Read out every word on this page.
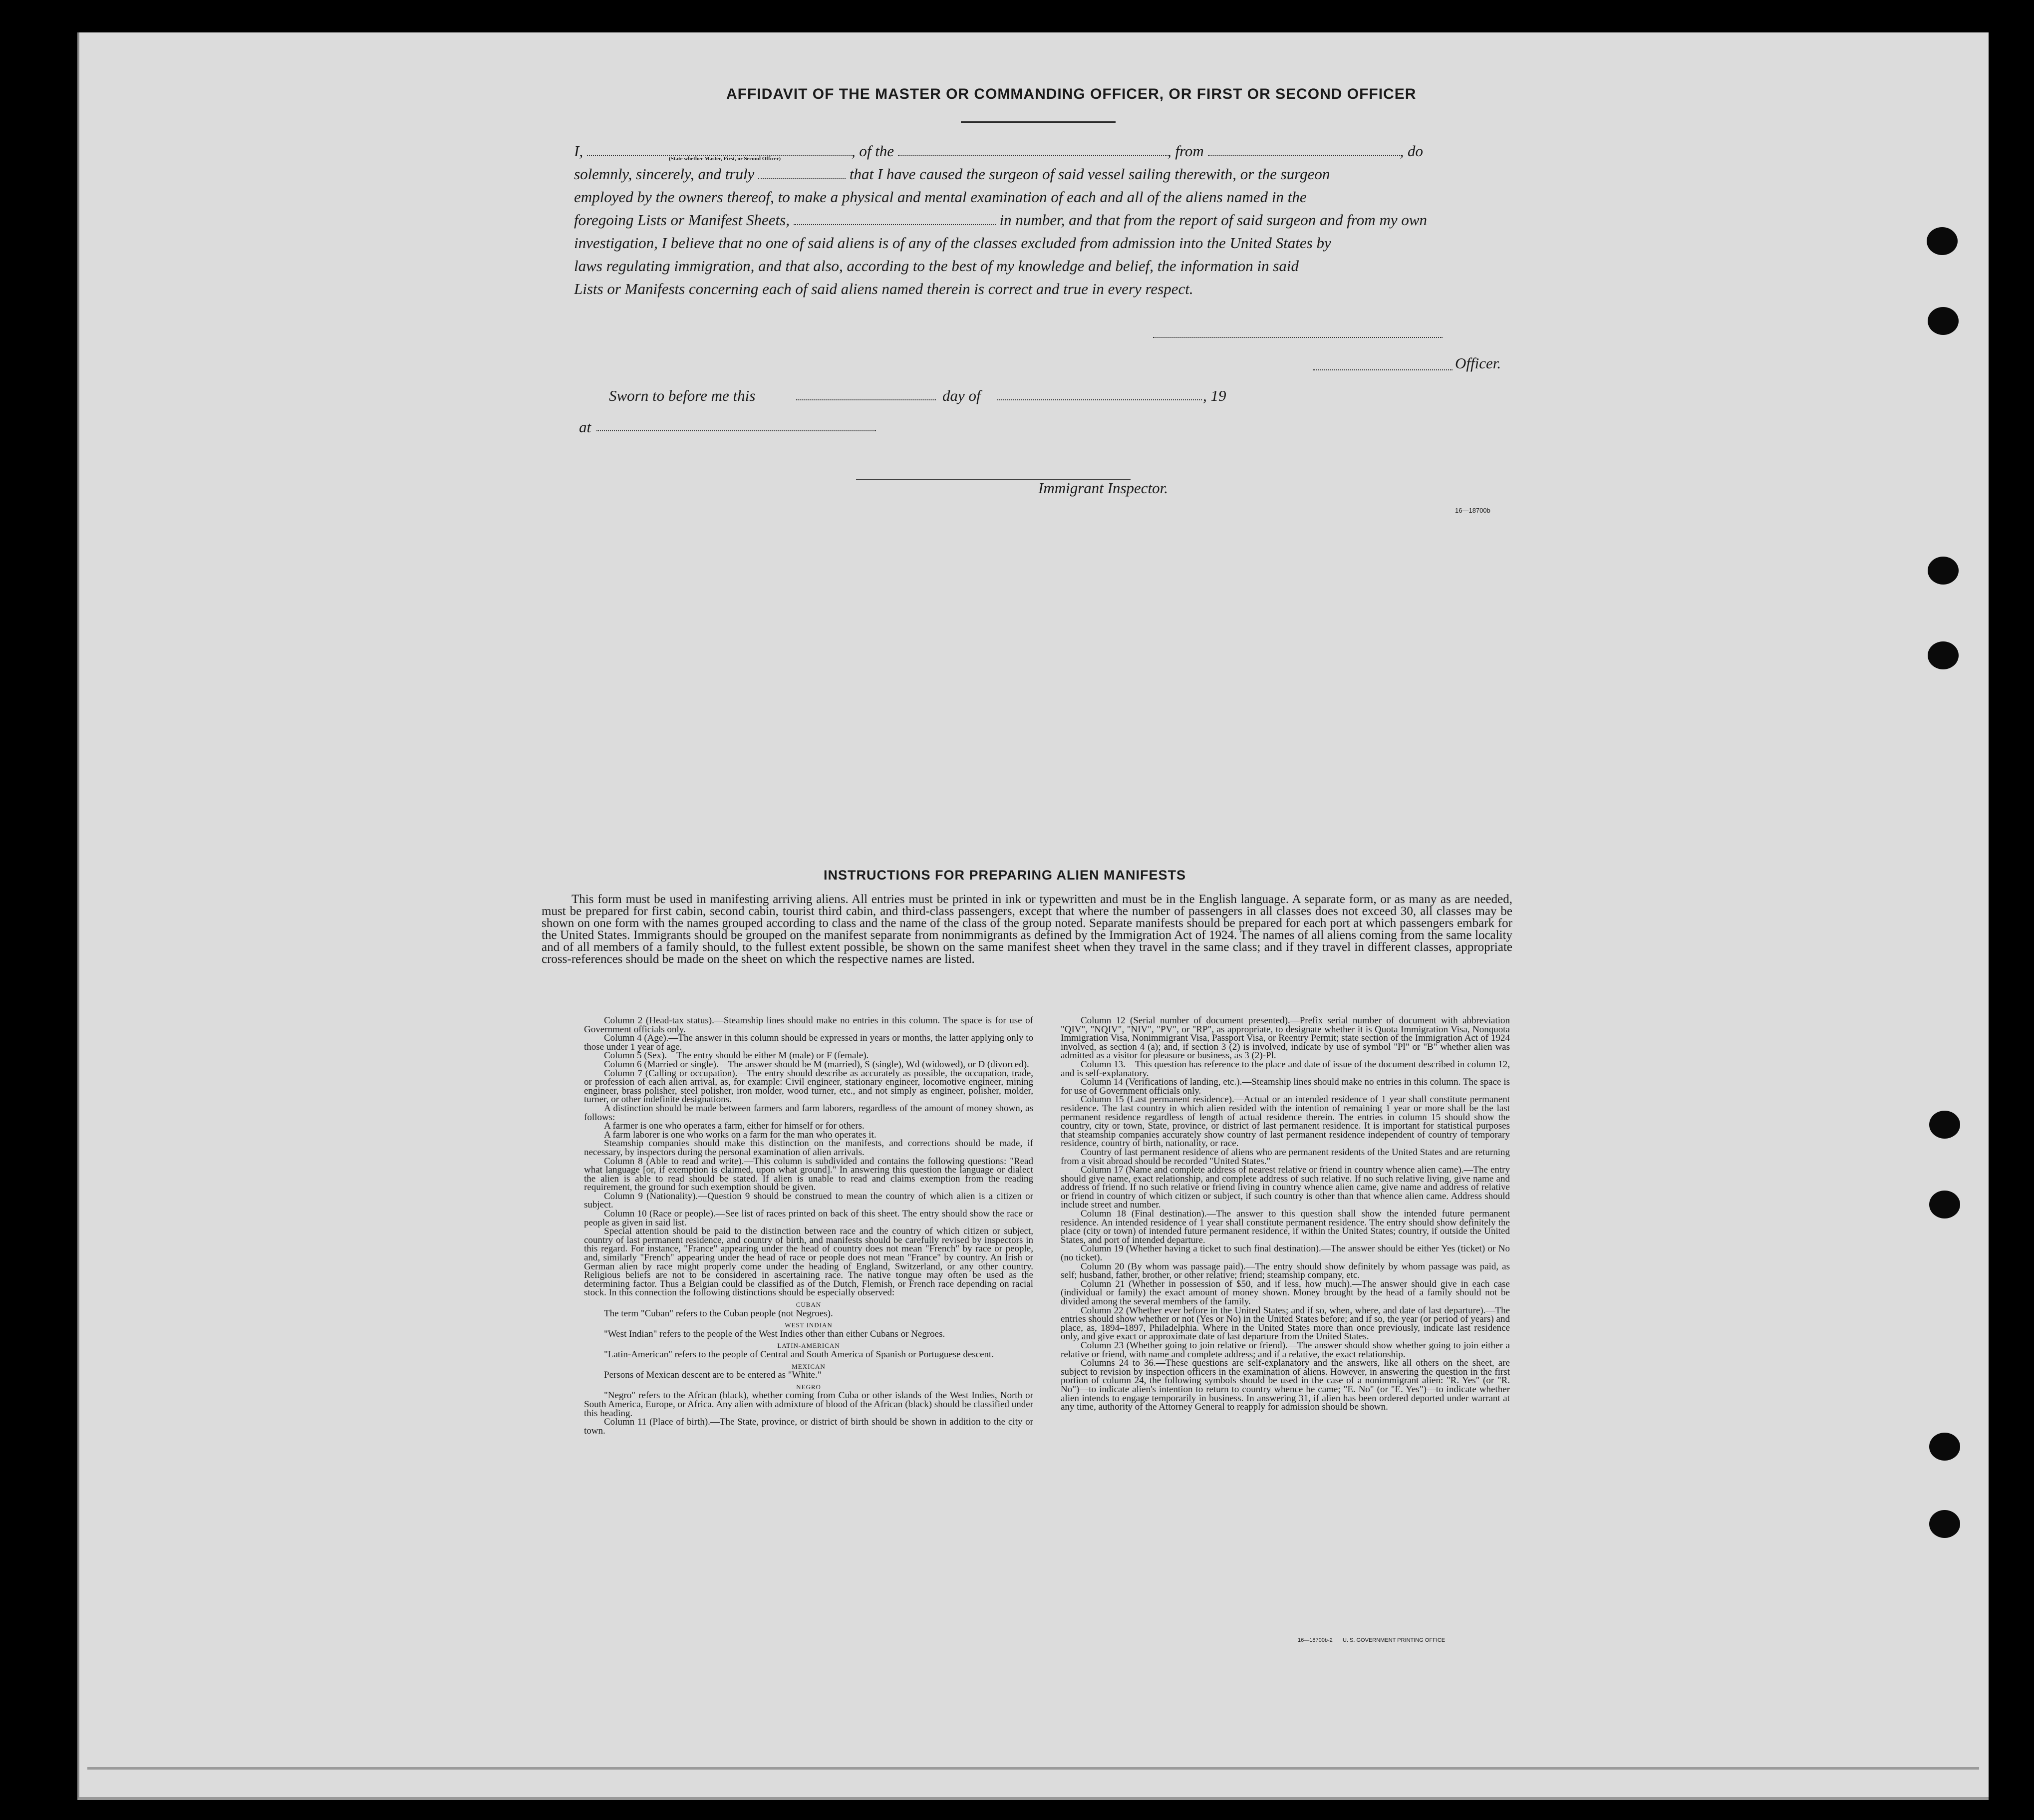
AFFIDAVIT OF THE MASTER OR COMMANDING OFFICER, OR FIRST OR SECOND OFFICER
I,	, of the	, from	, do
(State whether Master, First, or Second Officer)
solemnly, sincerely, and truly	that I have caused the surgeon of said vessel sailing therewith, or the surgeon
employed by the owners thereof, to make a physical and mental examination of each and all of the aliens named in the
foregoing Lists or Manifest Sheets,	in number, and that from the report of said surgeon and from my own
investigation, I believe that no one of said aliens is of any of the classes excluded from admission into the United States by
laws regulating immigration, and that also, according to the best of my knowledge and belief, the information in said
Lists or Manifests concerning each of said aliens named therein is correct and true in every respect.
Officer.
Sworn to before me this	day of	, 19
at
Immigrant Inspector.
16—18700b
INSTRUCTIONS FOR PREPARING ALIEN MANIFESTS
This form must be used in manifesting arriving aliens. All entries must be printed in ink or typewritten and must be in the English language. A separate form, or as many as are needed, must be prepared for first cabin, second cabin, tourist third cabin, and third-class passengers, except that where the number of passengers in all classes does not exceed 30, all classes may be shown on one form with the names grouped according to class and the name of the class of the group noted. Separate manifests should be prepared for each port at which passengers embark for the United States. Immigrants should be grouped on the manifest separate from nonimmigrants as defined by the Immigration Act of 1924. The names of all aliens coming from the same locality and of all members of a family should, to the fullest extent possible, be shown on the same manifest sheet when they travel in the same class; and if they travel in different classes, appropriate cross-references should be made on the sheet on which the respective names are listed.

Column 2 (Head-tax status).—Steamship lines should make no entries in this column. The space is for use of Government officials only.

Column 4 (Age).—The answer in this column should be expressed in years or months, the latter applying only to those under 1 year of age.

Column 5 (Sex).—The entry should be either M (male) or F (female).

Column 6 (Married or single).—The answer should be M (married), S (single), Wd (widowed), or D (divorced).

Column 7 (Calling or occupation).—The entry should describe as accurately as possible, the occupation, trade, or profession of each alien arrival, as, for example: Civil engineer, stationary engineer, locomotive engineer, mining engineer, brass polisher, steel polisher, iron molder, wood turner, etc., and not simply as engineer, polisher, molder, turner, or other indefinite designations.

A distinction should be made between farmers and farm laborers, regardless of the amount of money shown, as follows:

A farmer is one who operates a farm, either for himself or for others.

A farm laborer is one who works on a farm for the man who operates it.

Steamship companies should make this distinction on the manifests, and corrections should be made, if necessary, by inspectors during the personal examination of alien arrivals.

Column 8 (Able to read and write).—This column is subdivided and contains the following questions: "Read what language [or, if exemption is claimed, upon what ground]." In answering this question the language or dialect the alien is able to read should be stated. If alien is unable to read and claims exemption from the reading requirement, the ground for such exemption should be given.

Column 9 (Nationality).—Question 9 should be construed to mean the country of which alien is a citizen or subject.

Column 10 (Race or people).—See list of races printed on back of this sheet. The entry should show the race or people as given in said list.

Special attention should be paid to the distinction between race and the country of which citizen or subject, country of last permanent residence, and country of birth, and manifests should be carefully revised by inspectors in this regard. For instance, "France" appearing under the head of country does not mean "French" by race or people, and, similarly "French" appearing under the head of race or people does not mean "France" by country. An Irish or German alien by race might properly come under the heading of England, Switzerland, or any other country. Religious beliefs are not to be considered in ascertaining race. The native tongue may often be used as the determining factor. Thus a Belgian could be classified as of the Dutch, Flemish, or French race depending on racial stock. In this connection the following distinctions should be especially observed:

CUBAN

The term "Cuban" refers to the Cuban people (not Negroes).

WEST INDIAN

"West Indian" refers to the people of the West Indies other than either Cubans or Negroes.

LATIN-AMERICAN

"Latin-American" refers to the people of Central and South America of Spanish or Portuguese descent.

MEXICAN

Persons of Mexican descent are to be entered as "White."

NEGRO

"Negro" refers to the African (black), whether coming from Cuba or other islands of the West Indies, North or South America, Europe, or Africa. Any alien with admixture of blood of the African (black) should be classified under this heading.

Column 11 (Place of birth).—The State, province, or district of birth should be shown in addition to the city or town.

Column 12 (Serial number of document presented).—Prefix serial number of document with abbreviation "QIV", "NQIV", "NIV", "PV", or "RP", as appropriate, to designate whether it is Quota Immigration Visa, Nonquota Immigration Visa, Nonimmigrant Visa, Passport Visa, or Reentry Permit; state section of the Immigration Act of 1924 involved, as section 4 (a); and, if section 3 (2) is involved, indicate by use of symbol "Pl" or "B" whether alien was admitted as a visitor for pleasure or business, as 3 (2)-Pl.

Column 13.—This question has reference to the place and date of issue of the document described in column 12, and is self-explanatory.

Column 14 (Verifications of landing, etc.).—Steamship lines should make no entries in this column. The space is for use of Government officials only.

Column 15 (Last permanent residence).—Actual or an intended residence of 1 year shall constitute permanent residence. The last country in which alien resided with the intention of remaining 1 year or more shall be the last permanent residence regardless of length of actual residence therein. The entries in column 15 should show the country, city or town, State, province, or district of last permanent residence. It is important for statistical purposes that steamship companies accurately show country of last permanent residence independent of country of temporary residence, country of birth, nationality, or race.

Country of last permanent residence of aliens who are permanent residents of the United States and are returning from a visit abroad should be recorded "United States."

Column 17 (Name and complete address of nearest relative or friend in country whence alien came).—The entry should give name, exact relationship, and complete address of such relative. If no such relative living, give name and address of friend. If no such relative or friend living in country whence alien came, give name and address of relative or friend in country of which citizen or subject, if such country is other than that whence alien came. Address should include street and number.

Column 18 (Final destination).—The answer to this question shall show the intended future permanent residence. An intended residence of 1 year shall constitute permanent residence. The entry should show definitely the place (city or town) of intended future permanent residence, if within the United States; country, if outside the United States, and port of intended departure.

Column 19 (Whether having a ticket to such final destination).—The answer should be either Yes (ticket) or No (no ticket).

Column 20 (By whom was passage paid).—The entry should show definitely by whom passage was paid, as self; husband, father, brother, or other relative; friend; steamship company, etc.

Column 21 (Whether in possession of $50, and if less, how much).—The answer should give in each case (individual or family) the exact amount of money shown. Money brought by the head of a family should not be divided among the several members of the family.

Column 22 (Whether ever before in the United States; and if so, when, where, and date of last departure).—The entries should show whether or not (Yes or No) in the United States before; and if so, the year (or period of years) and place, as, 1894–1897, Philadelphia. Where in the United States more than once previously, indicate last residence only, and give exact or approximate date of last departure from the United States.

Column 23 (Whether going to join relative or friend).—The answer should show whether going to join either a relative or friend, with name and complete address; and if a relative, the exact relationship.

Columns 24 to 36.—These questions are self-explanatory and the answers, like all others on the sheet, are subject to revision by inspection officers in the examination of aliens. However, in answering the question in the first portion of column 24, the following symbols should be used in the case of a nonimmigrant alien: "R. Yes" (or "R. No")—to indicate alien's intention to return to country whence he came; "E. No" (or "E. Yes")—to indicate whether alien intends to engage temporarily in business. In answering 31, if alien has been ordered deported under warrant at any time, authority of the Attorney General to reapply for admission should be shown.

16—18700b-2 U. S. GOVERNMENT PRINTING OFFICE
